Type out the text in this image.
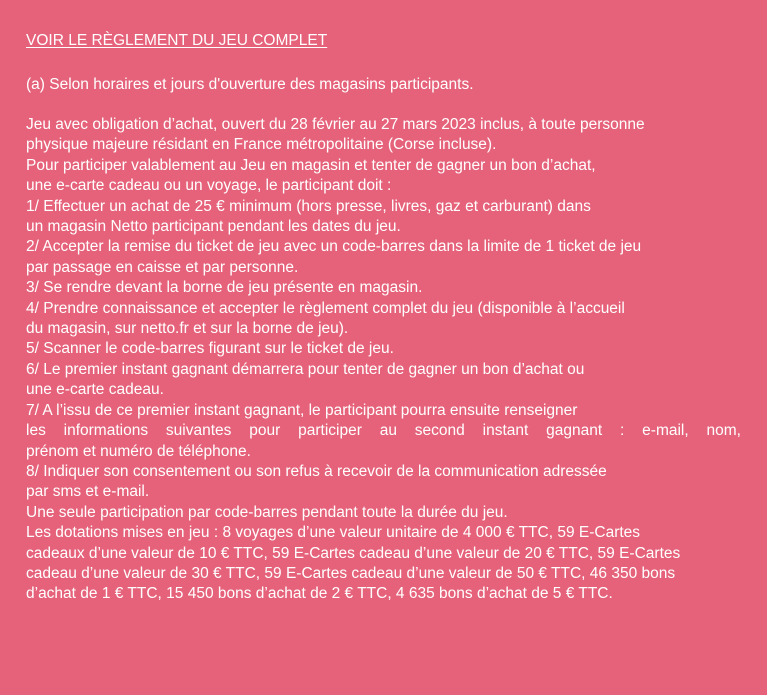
VOIR LE RÈGLEMENT DU JEU COMPLET
(a) Selon horaires et jours d'ouverture des magasins participants.
Jeu avec obligation d’achat, ouvert du 28 février au 27 mars 2023 inclus, à toute personne
physique majeure résidant en France métropolitaine (Corse incluse).
Pour participer valablement au Jeu en magasin et tenter de gagner un bon d’achat,
une e-carte cadeau ou un voyage, le participant doit :
1/ Effectuer un achat de 25 € minimum (hors presse, livres, gaz et carburant) dans
un magasin Netto participant pendant les dates du jeu.
2/ Accepter la remise du ticket de jeu avec un code-barres dans la limite de 1 ticket de jeu
par passage en caisse et par personne.
3/ Se rendre devant la borne de jeu présente en magasin.
4/ Prendre connaissance et accepter le règlement complet du jeu (disponible à l’accueil
du magasin, sur netto.fr et sur la borne de jeu).
5/ Scanner le code-barres figurant sur le ticket de jeu.
6/ Le premier instant gagnant démarrera pour tenter de gagner un bon d’achat ou
une e-carte cadeau.
7/ A l’issu de ce premier instant gagnant, le participant pourra ensuite renseigner
les informations suivantes pour participer au second instant gagnant : e-mail, nom,
prénom et numéro de téléphone.
8/ Indiquer son consentement ou son refus à recevoir de la communication adressée
par sms et e-mail.
Une seule participation par code-barres pendant toute la durée du jeu.
Les dotations mises en jeu : 8 voyages d’une valeur unitaire de 4 000 € TTC, 59 E-Cartes
cadeaux d’une valeur de 10 € TTC, 59 E-Cartes cadeau d’une valeur de 20 € TTC, 59 E-Cartes
cadeau d’une valeur de 30 € TTC, 59 E-Cartes cadeau d’une valeur de 50 € TTC, 46 350 bons
d’achat de 1 € TTC, 15 450 bons d’achat de 2 € TTC, 4 635 bons d’achat de 5 € TTC.
